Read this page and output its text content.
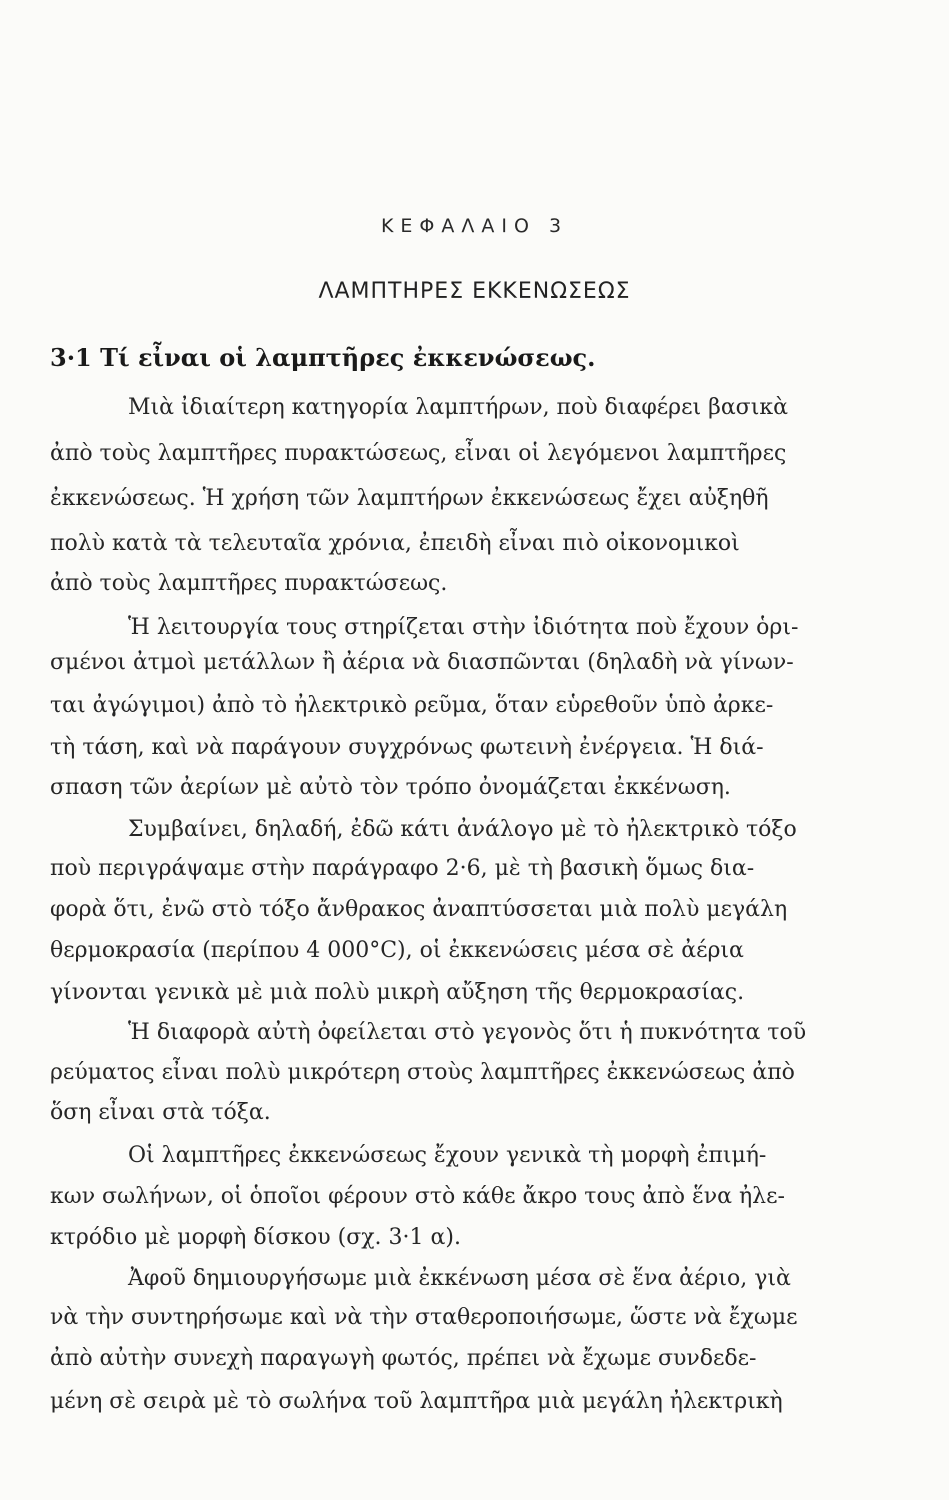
ΚΕΦΑΛΑΙΟ 3
ΛΑΜΠΤΗΡΕΣ ΕΚΚΕΝΩΣΕΩΣ
3·1 Τί εἶναι οἱ λαμπτῆρες ἐκκενώσεως.
Μιὰ ἰδιαίτερη κατηγορία λαμπτήρων, ποὺ διαφέρει βασικὰ
ἀπὸ τοὺς λαμπτῆρες πυρακτώσεως, εἶναι οἱ λεγόμενοι λαμπτῆρες
ἐκκενώσεως. Ἡ χρήση τῶν λαμπτήρων ἐκκενώσεως ἔχει αὐξηθῆ
πολὺ κατὰ τὰ τελευταῖα χρόνια, ἐπειδὴ εἶναι πιὸ οἰκονομικοὶ
ἀπὸ τοὺς λαμπτῆρες πυρακτώσεως.
Ἡ λειτουργία τους στηρίζεται στὴν ἰδιότητα ποὺ ἔχουν ὁρι-
σμένοι ἀτμοὶ μετάλλων ἢ ἀέρια νὰ διασπῶνται (δηλαδὴ νὰ γίνων-
ται ἀγώγιμοι) ἀπὸ τὸ ἠλεκτρικὸ ρεῦμα, ὅταν εὑρεθοῦν ὑπὸ ἀρκε-
τὴ τάση, καὶ νὰ παράγουν συγχρόνως φωτεινὴ ἐνέργεια. Ἡ διά-
σπαση τῶν ἀερίων μὲ αὐτὸ τὸν τρόπο ὀνομάζεται ἐκκένωση.
Συμβαίνει, δηλαδή, ἐδῶ κάτι ἀνάλογο μὲ τὸ ἠλεκτρικὸ τόξο
ποὺ περιγράψαμε στὴν παράγραφο 2·6, μὲ τὴ βασικὴ ὅμως δια-
φορὰ ὅτι, ἐνῶ στὸ τόξο ἄνθρακος ἀναπτύσσεται μιὰ πολὺ μεγάλη
θερμοκρασία (περίπου 4 000°C), οἱ ἐκκενώσεις μέσα σὲ ἀέρια
γίνονται γενικὰ μὲ μιὰ πολὺ μικρὴ αὔξηση τῆς θερμοκρασίας.
Ἡ διαφορὰ αὐτὴ ὀφείλεται στὸ γεγονὸς ὅτι ἡ πυκνότητα τοῦ
ρεύματος εἶναι πολὺ μικρότερη στοὺς λαμπτῆρες ἐκκενώσεως ἀπὸ
ὅση εἶναι στὰ τόξα.
Οἱ λαμπτῆρες ἐκκενώσεως ἔχουν γενικὰ τὴ μορφὴ ἐπιμή-
κων σωλήνων, οἱ ὁποῖοι φέρουν στὸ κάθε ἄκρο τους ἀπὸ ἕνα ἠλε-
κτρόδιο μὲ μορφὴ δίσκου (σχ. 3·1 α).
Ἀφοῦ δημιουργήσωμε μιὰ ἐκκένωση μέσα σὲ ἕνα ἀέριο, γιὰ
νὰ τὴν συντηρήσωμε καὶ νὰ τὴν σταθεροποιήσωμε, ὥστε νὰ ἔχωμε
ἀπὸ αὐτὴν συνεχὴ παραγωγὴ φωτός, πρέπει νὰ ἔχωμε συνδεδε-
μένη σὲ σειρὰ μὲ τὸ σωλήνα τοῦ λαμπτῆρα μιὰ μεγάλη ἠλεκτρικὴ
